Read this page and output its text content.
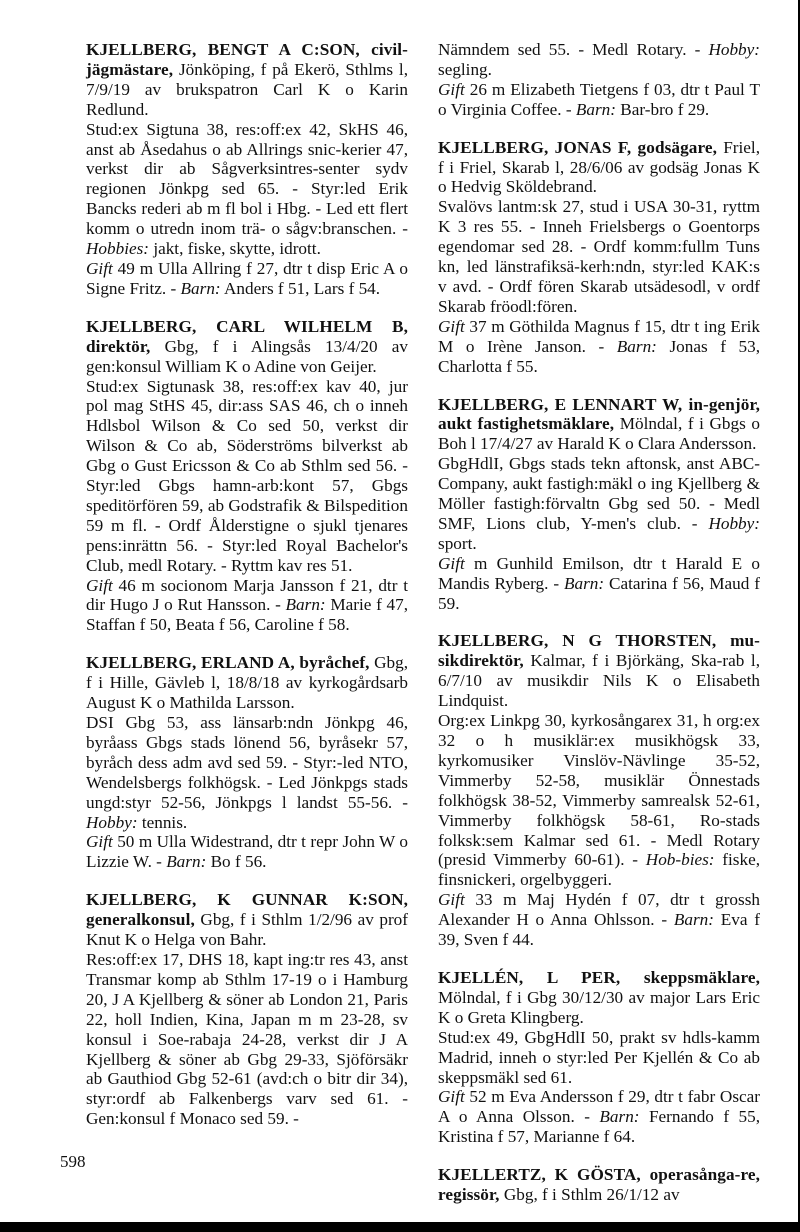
KJELLBERG, BENGT A C:SON, civil-jägmästare, Jönköping, f på Ekerö, Sthlms l, 7/9/19 av brukspatron Carl K o Karin Redlund.

Stud:ex Sigtuna 38, res:off:ex 42, SkHS 46, anst ab Åsedahus o ab Allrings snic-kerier 47, verkst dir ab Sågverksintres-senter sydv regionen Jönkpg sed 65. - Styr:led Erik Bancks rederi ab m fl bol i Hbg. - Led ett flert komm o utredn inom trä- o sågv:branschen. - Hobbies: jakt, fiske, skytte, idrott.

Gift 49 m Ulla Allring f 27, dtr t disp Eric A o Signe Fritz. - Barn: Anders f 51, Lars f 54.

KJELLBERG, CARL WILHELM B, direktör, Gbg, f i Alingsås 13/4/20 av gen:konsul William K o Adine von Geijer.

Stud:ex Sigtunask 38, res:off:ex kav 40, jur pol mag StHS 45, dir:ass SAS 46, ch o inneh Hdlsbol Wilson & Co sed 50, verkst dir Wilson & Co ab, Söderströms bilverkst ab Gbg o Gust Ericsson & Co ab Sthlm sed 56. - Styr:led Gbgs hamn-arb:kont 57, Gbgs speditörfören 59, ab Godstrafik & Bilspedition 59 m fl. - Ordf Ålderstigne o sjukl tjenares pens:inrättn 56. - Styr:led Royal Bachelor's Club, medl Rotary. - Ryttm kav res 51.

Gift 46 m socionom Marja Jansson f 21, dtr t dir Hugo J o Rut Hansson. - Barn: Marie f 47, Staffan f 50, Beata f 56, Caroline f 58.

KJELLBERG, ERLAND A, byråchef, Gbg, f i Hille, Gävleb l, 18/8/18 av kyrkogårdsarb August K o Mathilda Larsson.

DSI Gbg 53, ass länsarb:ndn Jönkpg 46, byråass Gbgs stads lönend 56, byråsekr 57, byråch dess adm avd sed 59. - Styr:-led NTO, Wendelsbergs folkhögsk. - Led Jönkpgs stads ungd:styr 52-56, Jönkpgs l landst 55-56. - Hobby: tennis.

Gift 50 m Ulla Widestrand, dtr t repr John W o Lizzie W. - Barn: Bo f 56.

KJELLBERG, K GUNNAR K:SON, generalkonsul, Gbg, f i Sthlm 1/2/96 av prof Knut K o Helga von Bahr.

Res:off:ex 17, DHS 18, kapt ing:tr res 43, anst Transmar komp ab Sthlm 17-19 o i Hamburg 20, J A Kjellberg & söner ab London 21, Paris 22, holl Indien, Kina, Japan m m 23-28, sv konsul i Soe-rabaja 24-28, verkst dir J A Kjellberg & söner ab Gbg 29-33, Sjöförsäkr ab Gauthiod Gbg 52-61 (avd:ch o bitr dir 34), styr:ordf ab Falkenbergs varv sed 61. - Gen:konsul f Monaco sed 59. -

Nämndem sed 55. - Medl Rotary. - Hobby: segling.

Gift 26 m Elizabeth Tietgens f 03, dtr t Paul T o Virginia Coffee. - Barn: Bar-bro f 29.

KJELLBERG, JONAS F, godsägare, Friel, f i Friel, Skarab l, 28/6/06 av godsäg Jonas K o Hedvig Sköldebrand.

Svalövs lantm:sk 27, stud i USA 30-31, ryttm K 3 res 55. - Inneh Frielsbergs o Goentorps egendomar sed 28. - Ordf komm:fullm Tuns kn, led länstrafiksä-kerh:ndn, styr:led KAK:s v avd. - Ordf fören Skarab utsädesodl, v ordf Skarab fröodl:fören.

Gift 37 m Göthilda Magnus f 15, dtr t ing Erik M o Irène Janson. - Barn: Jonas f 53, Charlotta f 55.

KJELLBERG, E LENNART W, in-genjör, aukt fastighetsmäklare, Mölndal, f i Gbgs o Boh l 17/4/27 av Harald K o Clara Andersson.

GbgHdlI, Gbgs stads tekn aftonsk, anst ABC-Company, aukt fastigh:mäkl o ing Kjellberg & Möller fastigh:förvaltn Gbg sed 50. - Medl SMF, Lions club, Y-men's club. - Hobby: sport.

Gift m Gunhild Emilson, dtr t Harald E o Mandis Ryberg. - Barn: Catarina f 56, Maud f 59.

KJELLBERG, N G THORSTEN, mu-sikdirektör, Kalmar, f i Björkäng, Ska-rab l, 6/7/10 av musikdir Nils K o Elisabeth Lindquist.

Org:ex Linkpg 30, kyrkosångarex 31, h org:ex 32 o h musiklär:ex musikhögsk 33, kyrkomusiker Vinslöv-Nävlinge 35-52, Vimmerby 52-58, musiklär Önnestads folkhögsk 38-52, Vimmerby samrealsk 52-61, Vimmerby folkhögsk 58-61, Ro-stads folksk:sem Kalmar sed 61. - Medl Rotary (presid Vimmerby 60-61). - Hob-bies: fiske, finsnickeri, orgelbyggeri.

Gift 33 m Maj Hydén f 07, dtr t grossh Alexander H o Anna Ohlsson. - Barn: Eva f 39, Sven f 44.

KJELLÉN, L PER, skeppsmäklare, Mölndal, f i Gbg 30/12/30 av major Lars Eric K o Greta Klingberg.

Stud:ex 49, GbgHdlI 50, prakt sv hdls-kamm Madrid, inneh o styr:led Per Kjellén & Co ab skeppsmäkl sed 61.

Gift 52 m Eva Andersson f 29, dtr t fabr Oscar A o Anna Olsson. - Barn: Fernando f 55, Kristina f 57, Marianne f 64.

KJELLERTZ, K GÖSTA, operasånga-re, regissör, Gbg, f i Sthlm 26/1/12 av

598
